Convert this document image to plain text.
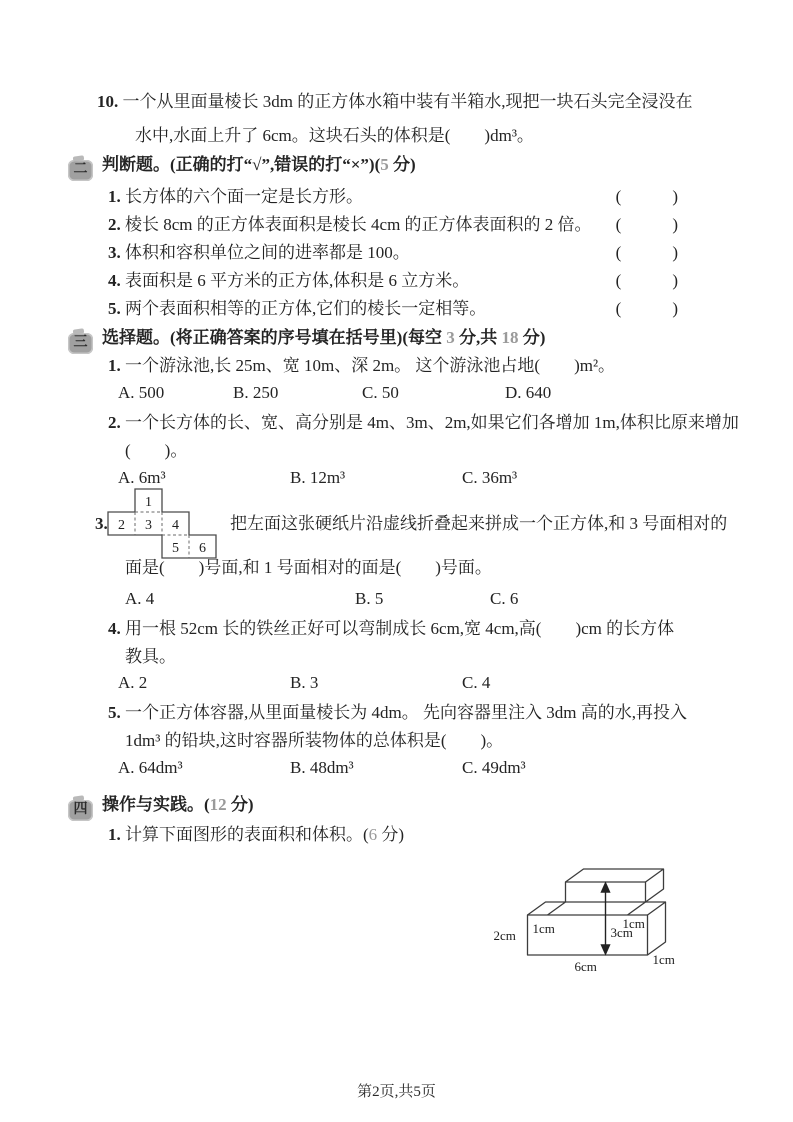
10. 一个从里面量棱长 3dm 的正方体水箱中装有半箱水,现把一块石头完全浸没在
水中,水面上升了 6cm。这块石头的体积是(        )dm³。
二 判断题。(正确的打“√”,错误的打“×”)(5 分)
1. 长方体的六个面一定是长方形。	(            )
2. 棱长 8cm 的正方体表面积是棱长 4cm 的正方体表面积的 2 倍。 (            )
3. 体积和容积单位之间的进率都是 100。	(            )
4. 表面积是 6 平方米的正方体,体积是 6 立方米。	(            )
5. 两个表面积相等的正方体,它们的棱长一定相等。	(            )
三 选择题。(将正确答案的序号填在括号里)(每空 3 分,共 18 分)
1. 一个游泳池,长 25m、宽 10m、深 2m。 这个游泳池占地(        )m²。
A. 500	B. 250	C. 50	D. 640
2. 一个长方体的长、宽、高分别是 4m、3m、2m,如果它们各增加 1m,体积比原来增加
(        )。
A. 6m³	B. 12m³	C. 36m³
3.
1
2 3 4
5 6
把左面这张硬纸片沿虚线折叠起来拼成一个正方体,和 3 号面相对的
面是(        )号面,和 1 号面相对的面是(        )号面。
A. 4	B. 5	C. 6
4. 用一根 52cm 长的铁丝正好可以弯制成长 6cm,宽 4cm,高(        )cm 的长方体
教具。
A. 2	B. 3	C. 4
5. 一个正方体容器,从里面量棱长为 4dm。 先向容器里注入 3dm 高的水,再投入
1dm³ 的铅块,这时容器所装物体的总体积是(        )。
A. 64dm³	B. 48dm³	C. 49dm³
四 操作与实践。(12 分)
1. 计算下面图形的表面积和体积。(6 分)
2cm 1cm	3cm
1cm
6cm	1cm
第2页,共5页
